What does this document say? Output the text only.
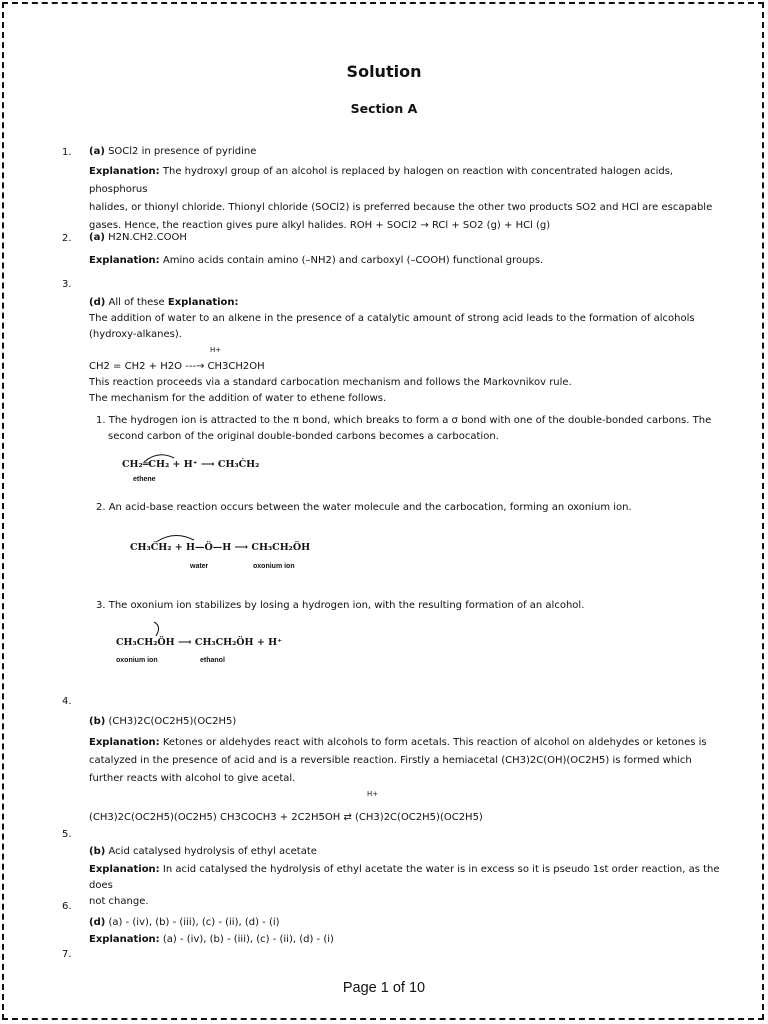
Solution
Section A
1. (a) SOCl2 in presence of pyridine
Explanation: The hydroxyl group of an alcohol is replaced by halogen on reaction with concentrated halogen acids, phosphorus
halides, or thionyl chloride. Thionyl chloride (SOCl2) is preferred because the other two products SO2 and HCl are escapable
gases. Hence, the reaction gives pure alkyl halides. ROH + SOCl2 → RCl + SO2 (g) + HCl (g)
2. (a) H2N.CH2.COOH
Explanation: Amino acids contain amino (–NH2) and carboxyl (–COOH) functional groups.
3.
(d) All of these Explanation:
The addition of water to an alkene in the presence of a catalytic amount of strong acid leads to the formation of alcohols
(hydroxy-alkanes).
H+
CH2 = CH2 + H2O ---→ CH3CH2OH
This reaction proceeds via a standard carbocation mechanism and follows the Markovnikov rule.
The mechanism for the addition of water to ethene follows.
1. The hydrogen ion is attracted to the π bond, which breaks to form a σ bond with one of the double-bonded carbons. The
second carbon of the original double-bonded carbons becomes a carbocation.
CH₂═CH₂ + H⁺ ⟶ CH₃ĊH₂
ethene
2. An acid-base reaction occurs between the water molecule and the carbocation, forming an oxonium ion.
CH₃ĊH₂ + H—Ö—H ⟶ CH₃CH₂ÖH
water	oxonium ion
3. The oxonium ion stabilizes by losing a hydrogen ion, with the resulting formation of an alcohol.
CH₃CH₂ÖH ⟶ CH₃CH₂ÖH + H⁺
oxonium ion	ethanol
4.
(b) (CH3)2C(OC2H5)(OC2H5)
Explanation: Ketones or aldehydes react with alcohols to form acetals. This reaction of alcohol on aldehydes or ketones is
catalyzed in the presence of acid and is a reversible reaction. Firstly a hemiacetal (CH3)2C(OH)(OC2H5) is formed which
further reacts with alcohol to give acetal.
H+
(CH3)2C(OC2H5)(OC2H5) CH3COCH3 + 2C2H5OH ⇄ (CH3)2C(OC2H5)(OC2H5)
5.
(b) Acid catalysed hydrolysis of ethyl acetate
Explanation: In acid catalysed the hydrolysis of ethyl acetate the water is in excess so it is pseudo 1st order reaction, as the does
not change.
6.
(d) (a) - (iv), (b) - (iii), (c) - (ii), (d) - (i)
Explanation: (a) - (iv), (b) - (iii), (c) - (ii), (d) - (i)
7.
Page 1 of 10
